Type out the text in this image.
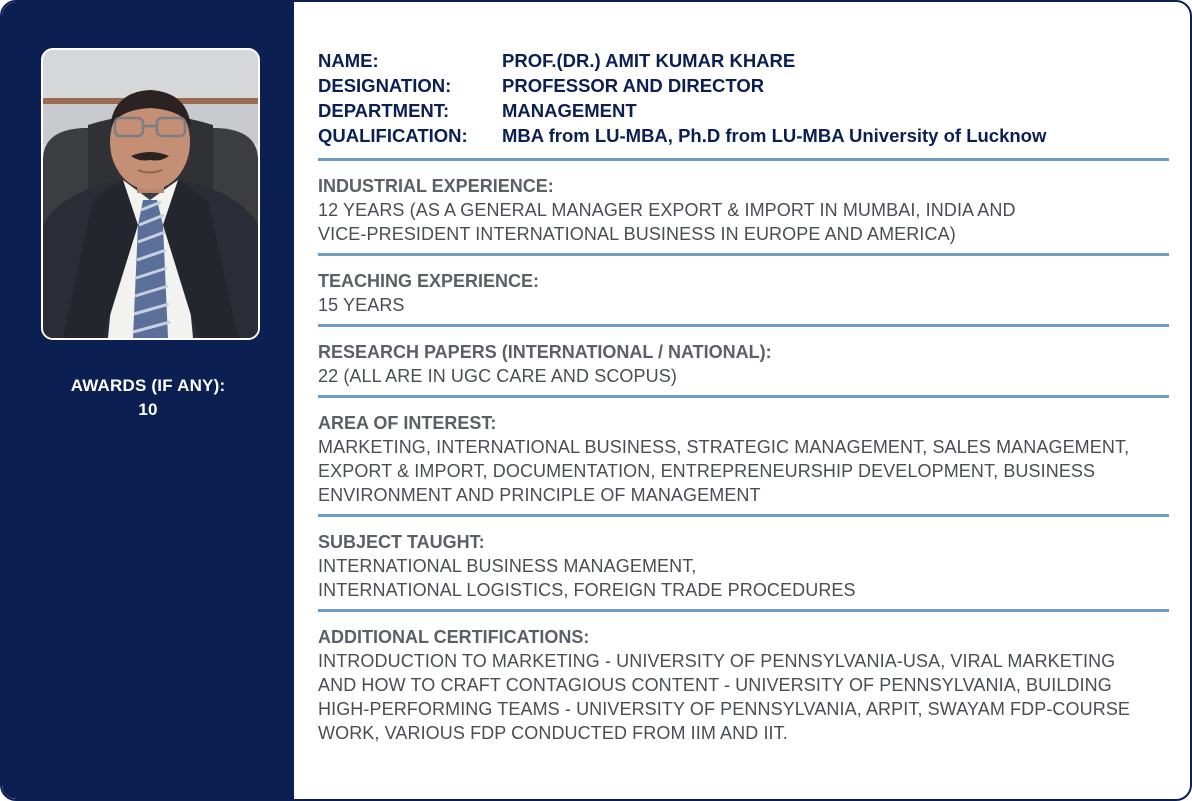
AWARDS (IF ANY):
10
NAME:	PROF.(DR.) AMIT KUMAR KHARE
DESIGNATION:	PROFESSOR AND DIRECTOR
DEPARTMENT:	MANAGEMENT
QUALIFICATION:	MBA from LU-MBA, Ph.D from LU-MBA University of Lucknow
INDUSTRIAL EXPERIENCE:
12 YEARS (AS A GENERAL MANAGER EXPORT & IMPORT IN MUMBAI, INDIA AND
VICE-PRESIDENT INTERNATIONAL BUSINESS IN EUROPE AND AMERICA)
TEACHING EXPERIENCE:
15 YEARS
RESEARCH PAPERS (INTERNATIONAL / NATIONAL):
22 (ALL ARE IN UGC CARE AND SCOPUS)
AREA OF INTEREST:
MARKETING, INTERNATIONAL BUSINESS, STRATEGIC MANAGEMENT, SALES MANAGEMENT,
EXPORT & IMPORT, DOCUMENTATION, ENTREPRENEURSHIP DEVELOPMENT, BUSINESS
ENVIRONMENT AND PRINCIPLE OF MANAGEMENT
SUBJECT TAUGHT:
INTERNATIONAL BUSINESS MANAGEMENT,
INTERNATIONAL LOGISTICS, FOREIGN TRADE PROCEDURES
ADDITIONAL CERTIFICATIONS:
INTRODUCTION TO MARKETING - UNIVERSITY OF PENNSYLVANIA-USA, VIRAL MARKETING
AND HOW TO CRAFT CONTAGIOUS CONTENT - UNIVERSITY OF PENNSYLVANIA, BUILDING
HIGH-PERFORMING TEAMS - UNIVERSITY OF PENNSYLVANIA, ARPIT, SWAYAM FDP-COURSE
WORK, VARIOUS FDP CONDUCTED FROM IIM AND IIT.
